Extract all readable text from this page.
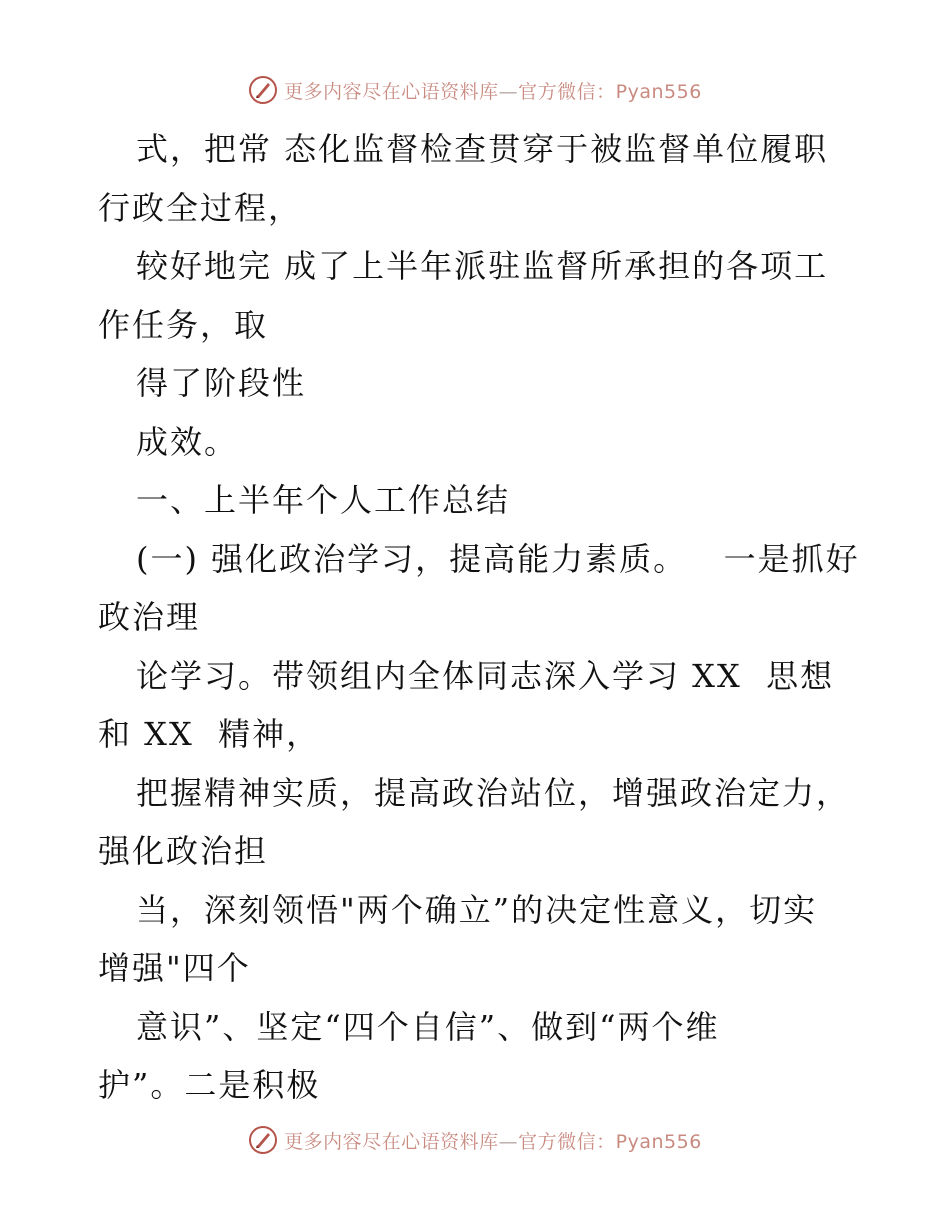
更多内容尽在心语资料库—官方微信：Pyan556
式，把常 态化监督检查贯穿于被监督单位履职
行政全过程，
较好地完 成了上半年派驻监督所承担的各项工
作任务，取
得了阶段性
成效。
一、上半年个人工作总结
(一) 强化政治学习，提高能力素质。   一是抓好
政治理
论学习。带领组内全体同志深入学习 XX  思想
和 XX  精神，
把握精神实质，提高政治站位，增强政治定力，
强化政治担
当，深刻领悟"两个确立”的决定性意义，切实
增强"四个
意识”、坚定“四个自信”、做到“两个维
护”。二是积极
更多内容尽在心语资料库—官方微信：Pyan556
